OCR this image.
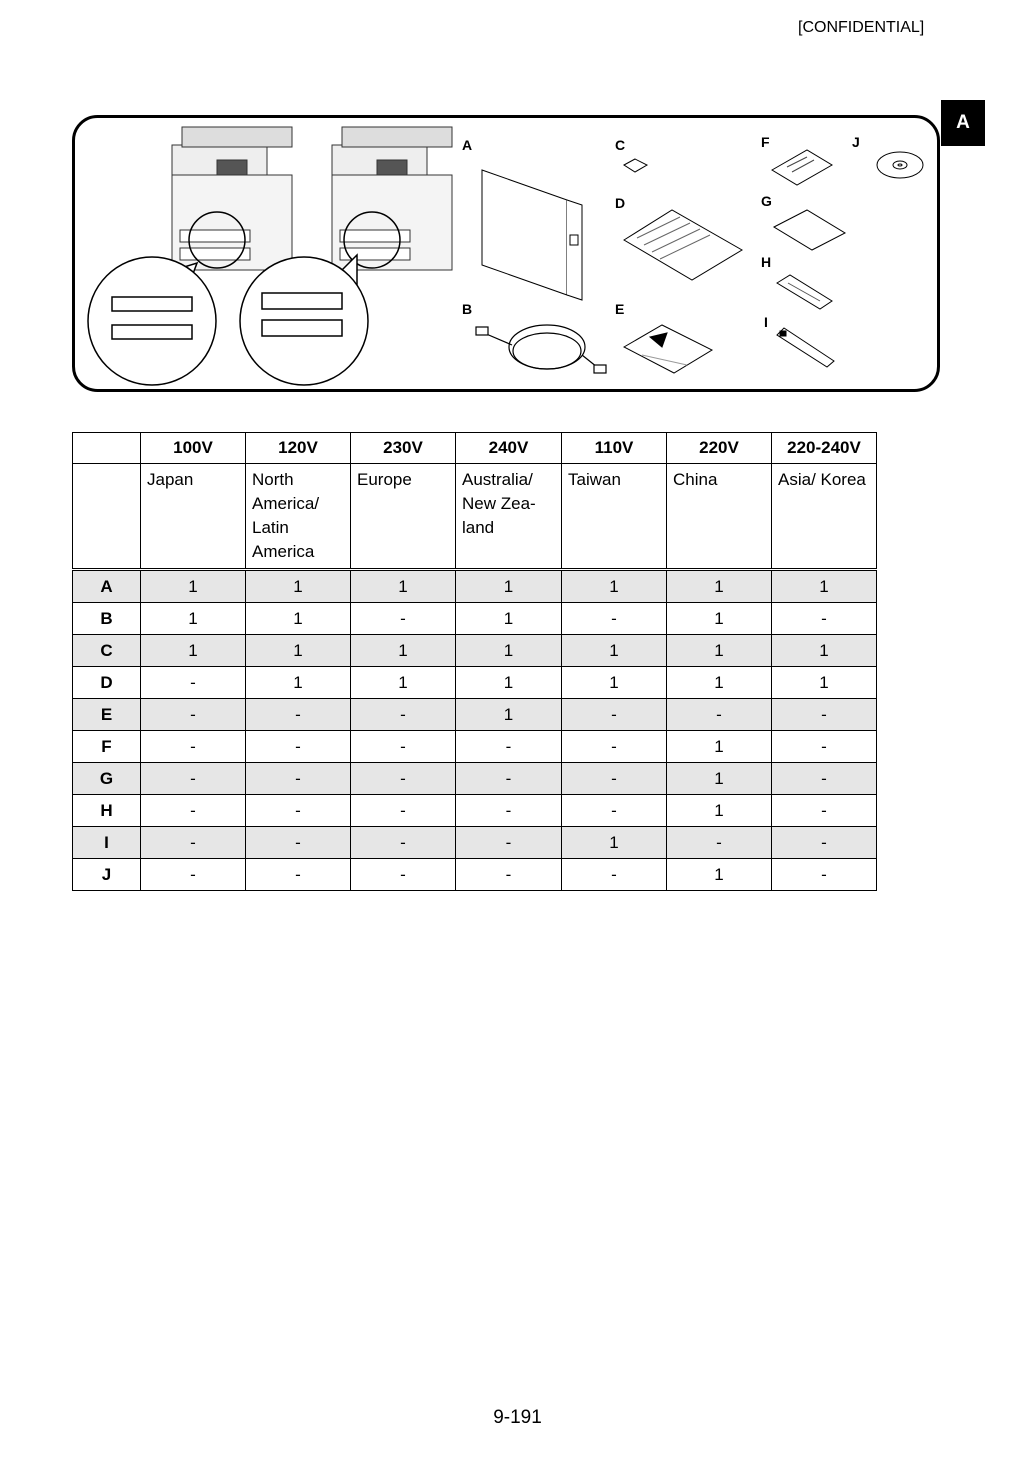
[CONFIDENTIAL]
A
A
B
C
D
E
F
G
H
I
J
	100V	120V	230V	240V	110V	220V	220-240V
	Japan	North America/ Latin America	Europe	Australia/ New Zea- land	Taiwan	China	Asia/ Korea
A	1	1	1	1	1	1	1
B	1	1	-	1	-	1	-
C	1	1	1	1	1	1	1
D	-	1	1	1	1	1	1
E	-	-	-	1	-	-	-
F	-	-	-	-	-	1	-
G	-	-	-	-	-	1	-
H	-	-	-	-	-	1	-
I	-	-	-	-	1	-	-
J	-	-	-	-	-	1	-
9-191
